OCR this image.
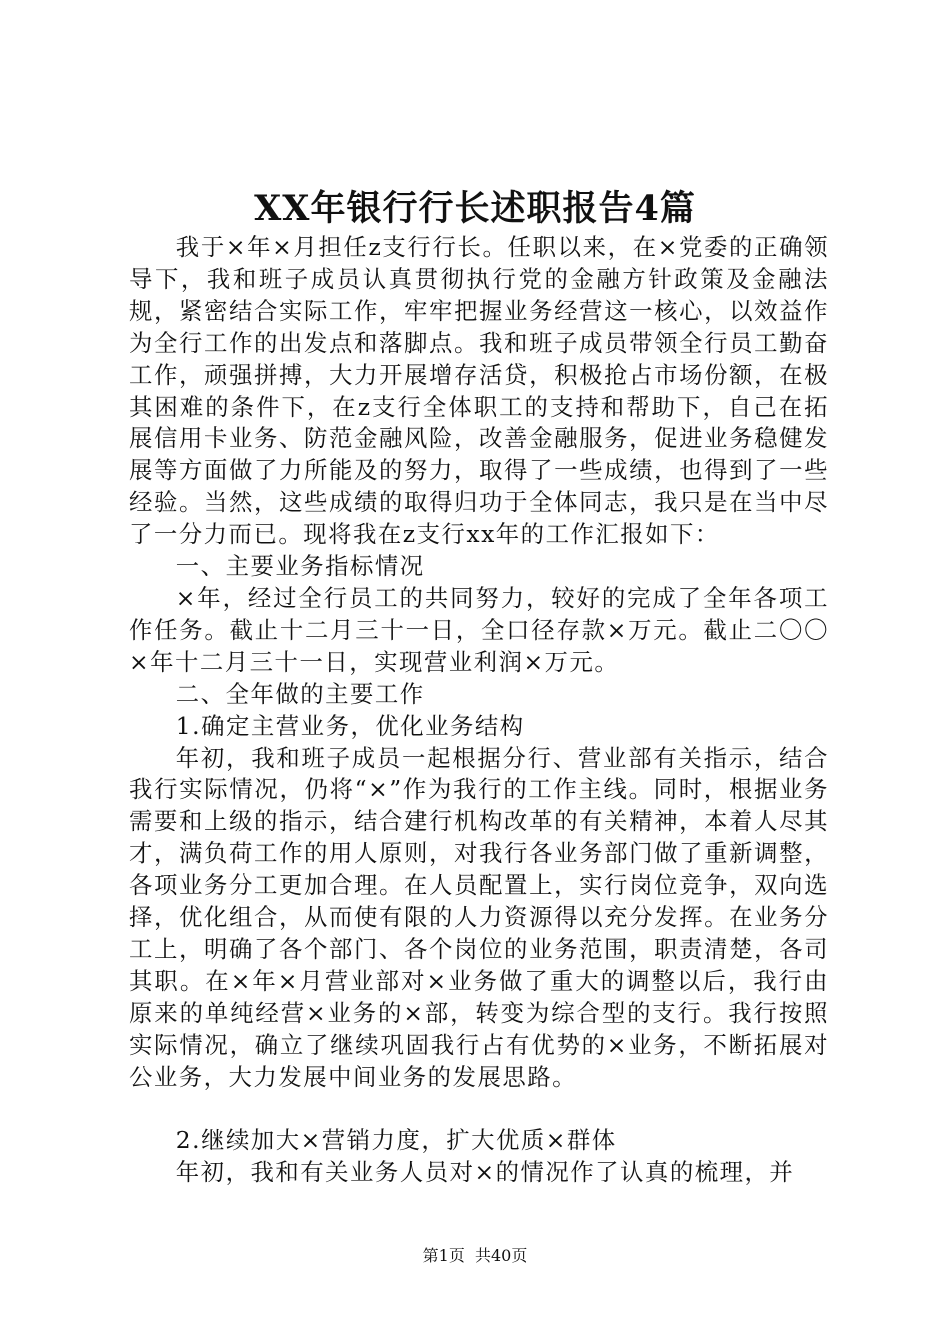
XX年银行行长述职报告4篇

我于×年×月担任z支行行长。任职以来，在×党委的正确领导下，我和班子成员认真贯彻执行党的金融方针政策及金融法规，紧密结合实际工作，牢牢把握业务经营这一核心，以效益作为全行工作的出发点和落脚点。我和班子成员带领全行员工勤奋工作，顽强拼搏，大力开展增存活贷，积极抢占市场份额，在极其困难的条件下，在z支行全体职工的支持和帮助下，自己在拓展信用卡业务、防范金融风险，改善金融服务，促进业务稳健发展等方面做了力所能及的努力，取得了一些成绩，也得到了一些经验。当然，这些成绩的取得归功于全体同志，我只是在当中尽了一分力而已。现将我在z支行xx年的工作汇报如下：

一、主要业务指标情况

×年，经过全行员工的共同努力，较好的完成了全年各项工作任务。截止十二月三十一日，全口径存款×万元。截止二〇〇×年十二月三十一日，实现营业利润×万元。

二、全年做的主要工作

1.确定主营业务，优化业务结构

年初，我和班子成员一起根据分行、营业部有关指示，结合我行实际情况，仍将“×”作为我行的工作主线。同时，根据业务需要和上级的指示，结合建行机构改革的有关精神，本着人尽其才，满负荷工作的用人原则，对我行各业务部门做了重新调整，各项业务分工更加合理。在人员配置上，实行岗位竞争，双向选择，优化组合，从而使有限的人力资源得以充分发挥。在业务分工上，明确了各个部门、各个岗位的业务范围，职责清楚，各司其职。在×年×月营业部对×业务做了重大的调整以后，我行由原来的单纯经营×业务的×部，转变为综合型的支行。我行按照实际情况，确立了继续巩固我行占有优势的×业务，不断拓展对公业务，大力发展中间业务的发展思路。

2.继续加大×营销力度，扩大优质×群体

年初，我和有关业务人员对×的情况作了认真的梳理，并

第1页  共40页
